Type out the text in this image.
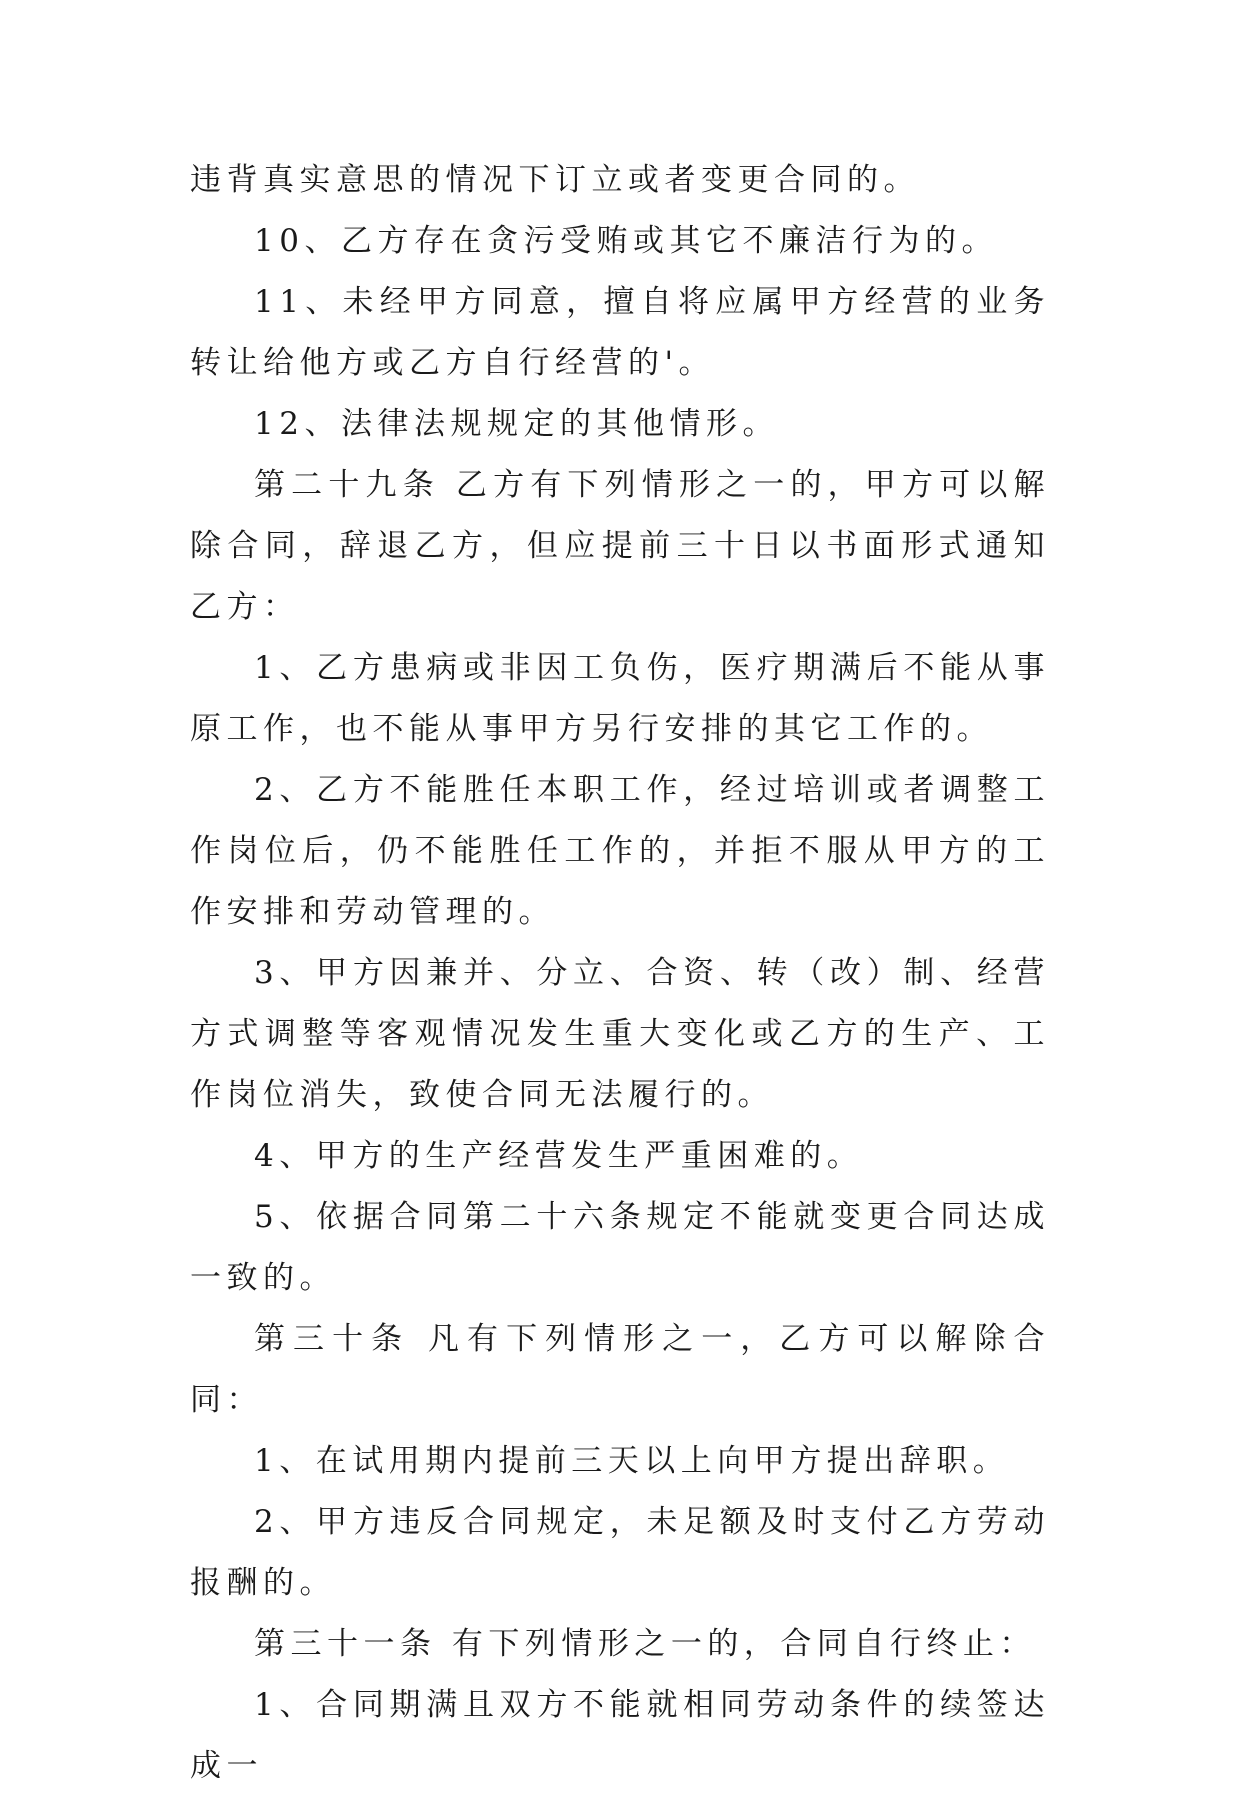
违背真实意思的情况下订立或者变更合同的。

10、乙方存在贪污受贿或其它不廉洁行为的。

11、未经甲方同意，擅自将应属甲方经营的业务转让给他方或乙方自行经营的'。

12、法律法规规定的其他情形。

第二十九条 乙方有下列情形之一的，甲方可以解除合同，辞退乙方，但应提前三十日以书面形式通知乙方：

1、乙方患病或非因工负伤，医疗期满后不能从事原工作，也不能从事甲方另行安排的其它工作的。

2、乙方不能胜任本职工作，经过培训或者调整工作岗位后，仍不能胜任工作的，并拒不服从甲方的工作安排和劳动管理的。

3、甲方因兼并、分立、合资、转（改）制、经营方式调整等客观情况发生重大变化或乙方的生产、工作岗位消失，致使合同无法履行的。

4、甲方的生产经营发生严重困难的。

5、依据合同第二十六条规定不能就变更合同达成一致的。

第三十条 凡有下列情形之一，乙方可以解除合同：

1、在试用期内提前三天以上向甲方提出辞职。

2、甲方违反合同规定，未足额及时支付乙方劳动报酬的。

第三十一条 有下列情形之一的，合同自行终止：

1、合同期满且双方不能就相同劳动条件的续签达成一
